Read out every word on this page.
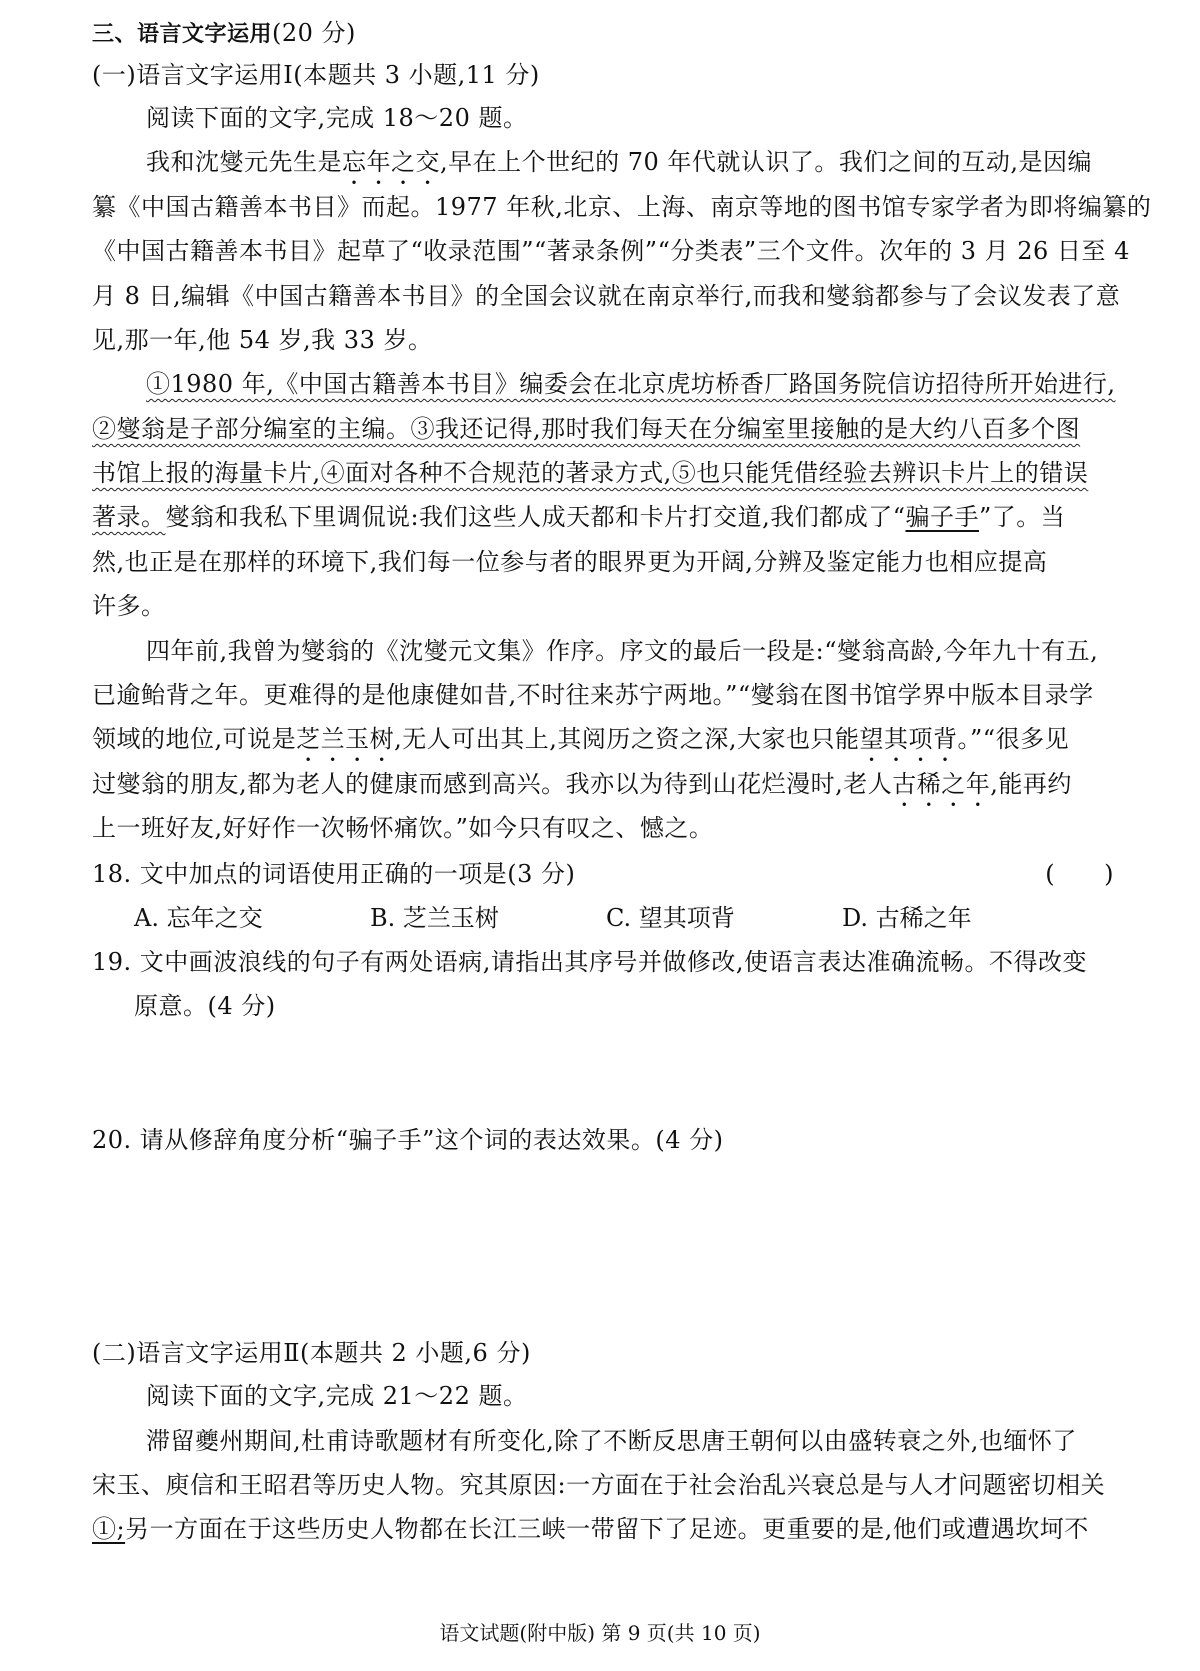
三、语言文字运用(20 分)
(一)语言文字运用Ⅰ(本题共 3 小题,11 分)
阅读下面的文字,完成 18～20 题。
我和沈燮元先生是忘年之交,早在上个世纪的 70 年代就认识了。我们之间的互动,是因编
纂《中国古籍善本书目》而起。1977 年秋,北京、上海、南京等地的图书馆专家学者为即将编纂的
《中国古籍善本书目》起草了“收录范围”“著录条例”“分类表”三个文件。次年的 3 月 26 日至 4
月 8 日,编辑《中国古籍善本书目》的全国会议就在南京举行,而我和燮翁都参与了会议发表了意
见,那一年,他 54 岁,我 33 岁。
①1980 年,《中国古籍善本书目》编委会在北京虎坊桥香厂路国务院信访招待所开始进行,
②燮翁是子部分编室的主编。③我还记得,那时我们每天在分编室里接触的是大约八百多个图
书馆上报的海量卡片,④面对各种不合规范的著录方式,⑤也只能凭借经验去辨识卡片上的错误
著录。燮翁和我私下里调侃说:我们这些人成天都和卡片打交道,我们都成了“骗子手”了。当
然,也正是在那样的环境下,我们每一位参与者的眼界更为开阔,分辨及鉴定能力也相应提高
许多。
四年前,我曾为燮翁的《沈燮元文集》作序。序文的最后一段是:“燮翁高龄,今年九十有五,
已逾鲐背之年。更难得的是他康健如昔,不时往来苏宁两地。”“燮翁在图书馆学界中版本目录学
领域的地位,可说是芝兰玉树,无人可出其上,其阅历之资之深,大家也只能望其项背。”“很多见
过燮翁的朋友,都为老人的健康而感到高兴。我亦以为待到山花烂漫时,老人古稀之年,能再约
上一班好友,好好作一次畅怀痛饮。”如今只有叹之、憾之。
18. 文中加点的词语使用正确的一项是(3 分)	(　　)
A. 忘年之交	B. 芝兰玉树	C. 望其项背	D. 古稀之年
19. 文中画波浪线的句子有两处语病,请指出其序号并做修改,使语言表达准确流畅。不得改变
原意。(4 分)
20. 请从修辞角度分析“骗子手”这个词的表达效果。(4 分)
(二)语言文字运用Ⅱ(本题共 2 小题,6 分)
阅读下面的文字,完成 21～22 题。
滞留夔州期间,杜甫诗歌题材有所变化,除了不断反思唐王朝何以由盛转衰之外,也缅怀了
宋玉、庾信和王昭君等历史人物。究其原因:一方面在于社会治乱兴衰总是与人才问题密切相关
①;另一方面在于这些历史人物都在长江三峡一带留下了足迹。更重要的是,他们或遭遇坎坷不
语文试题(附中版) 第 9 页(共 10 页)
